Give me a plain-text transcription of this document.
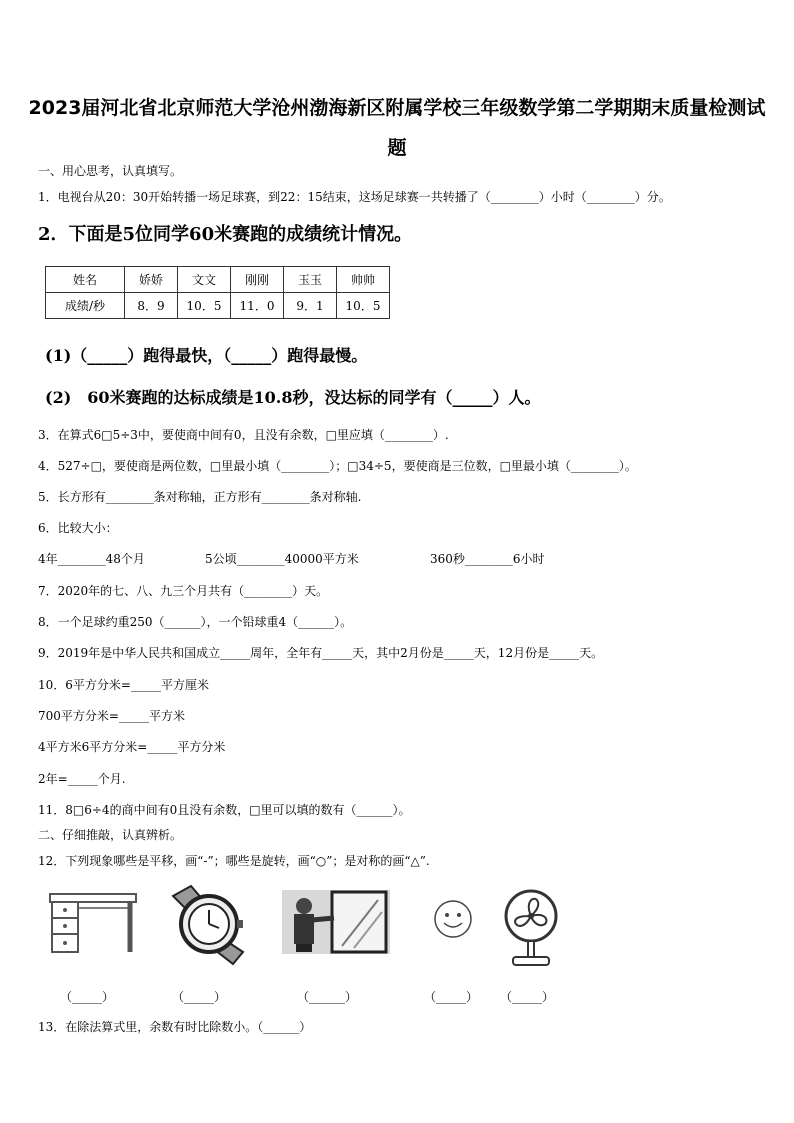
2023届河北省北京师范大学沧州渤海新区附属学校三年级数学第二学期期末质量检测试题
一、用心思考，认真填写。
1．电视台从20：30开始转播一场足球赛，到22：15结束，这场足球赛一共转播了（________）小时（________）分。
2．下面是5位同学60米赛跑的成绩统计情况。
姓名	娇娇	文文	刚刚	玉玉	帅帅
成绩/秒	8．9	10．5	11．0	9．1	10．5
(1)（_____）跑得最快，（_____）跑得最慢。
(2)　60米赛跑的达标成绩是10.8秒，没达标的同学有（_____）人。
3．在算式6□5÷3中，要使商中间有0，且没有余数，□里应填（________）.
4．527÷□，要使商是两位数，□里最小填（________）；□34÷5，要使商是三位数，□里最小填（________）。
5．长方形有________条对称轴，正方形有________条对称轴.
6．比较大小：
4年________48个月	5公顷________40000平方米	360秒________6小时
7．2020年的七、八、九三个月共有（________）天。
8．一个足球约重250（______），一个铅球重4（______）。
9．2019年是中华人民共和国成立_____周年，全年有_____天，其中2月份是_____天，12月份是_____天。
10．6平方分米=_____平方厘米
700平方分米=_____平方米
4平方米6平方分米=_____平方分米
2年=_____个月.
11．8□6÷4的商中间有0且没有余数，□里可以填的数有（______）。
二、仔细推敲，认真辨析。
12．下列现象哪些是平移，画“-”；哪些是旋转，画“○”；是对称的画“△”.
（_____）	（_____）	（______）	（_____） （_____）
13．在除法算式里，余数有时比除数小。（______）
